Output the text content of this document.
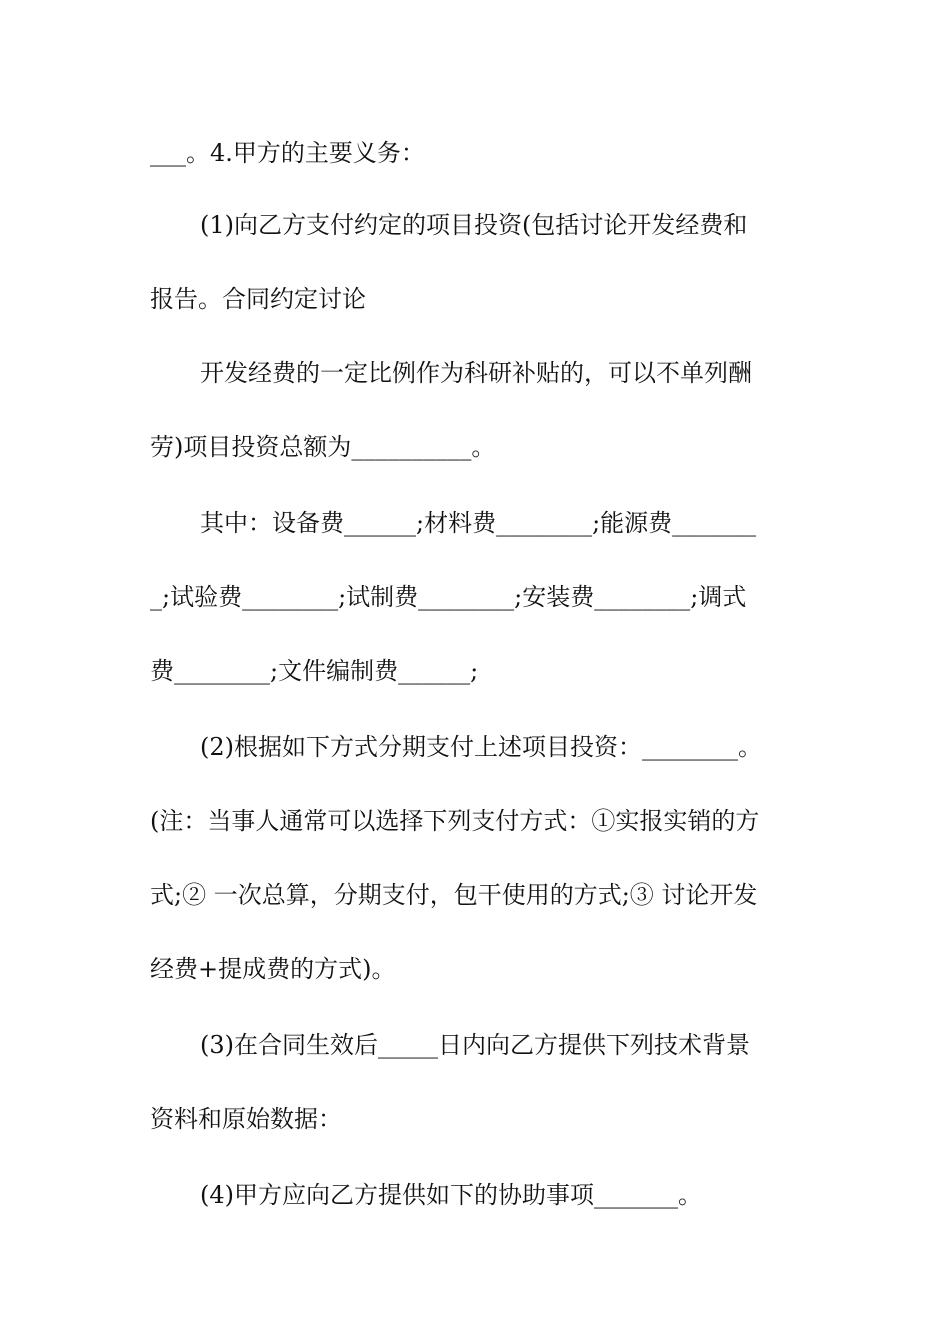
___。4.甲方的主要义务：
(1)向乙方支付约定的项目投资(包括讨论开发经费和
报告。合同约定讨论
开发经费的一定比例作为科研补贴的，可以不单列酬
劳)项目投资总额为__________。
其中：设备费______;材料费________;能源费_______
_;试验费________;试制费________;安装费________;调式
费________;文件编制费______;
(2)根据如下方式分期支付上述项目投资：________。
(注：当事人通常可以选择下列支付方式：①实报实销的方
式;② 一次总算，分期支付，包干使用的方式;③ 讨论开发
经费+提成费的方式)。
(3)在合同生效后_____日内向乙方提供下列技术背景
资料和原始数据：
(4)甲方应向乙方提供如下的协助事项_______。
